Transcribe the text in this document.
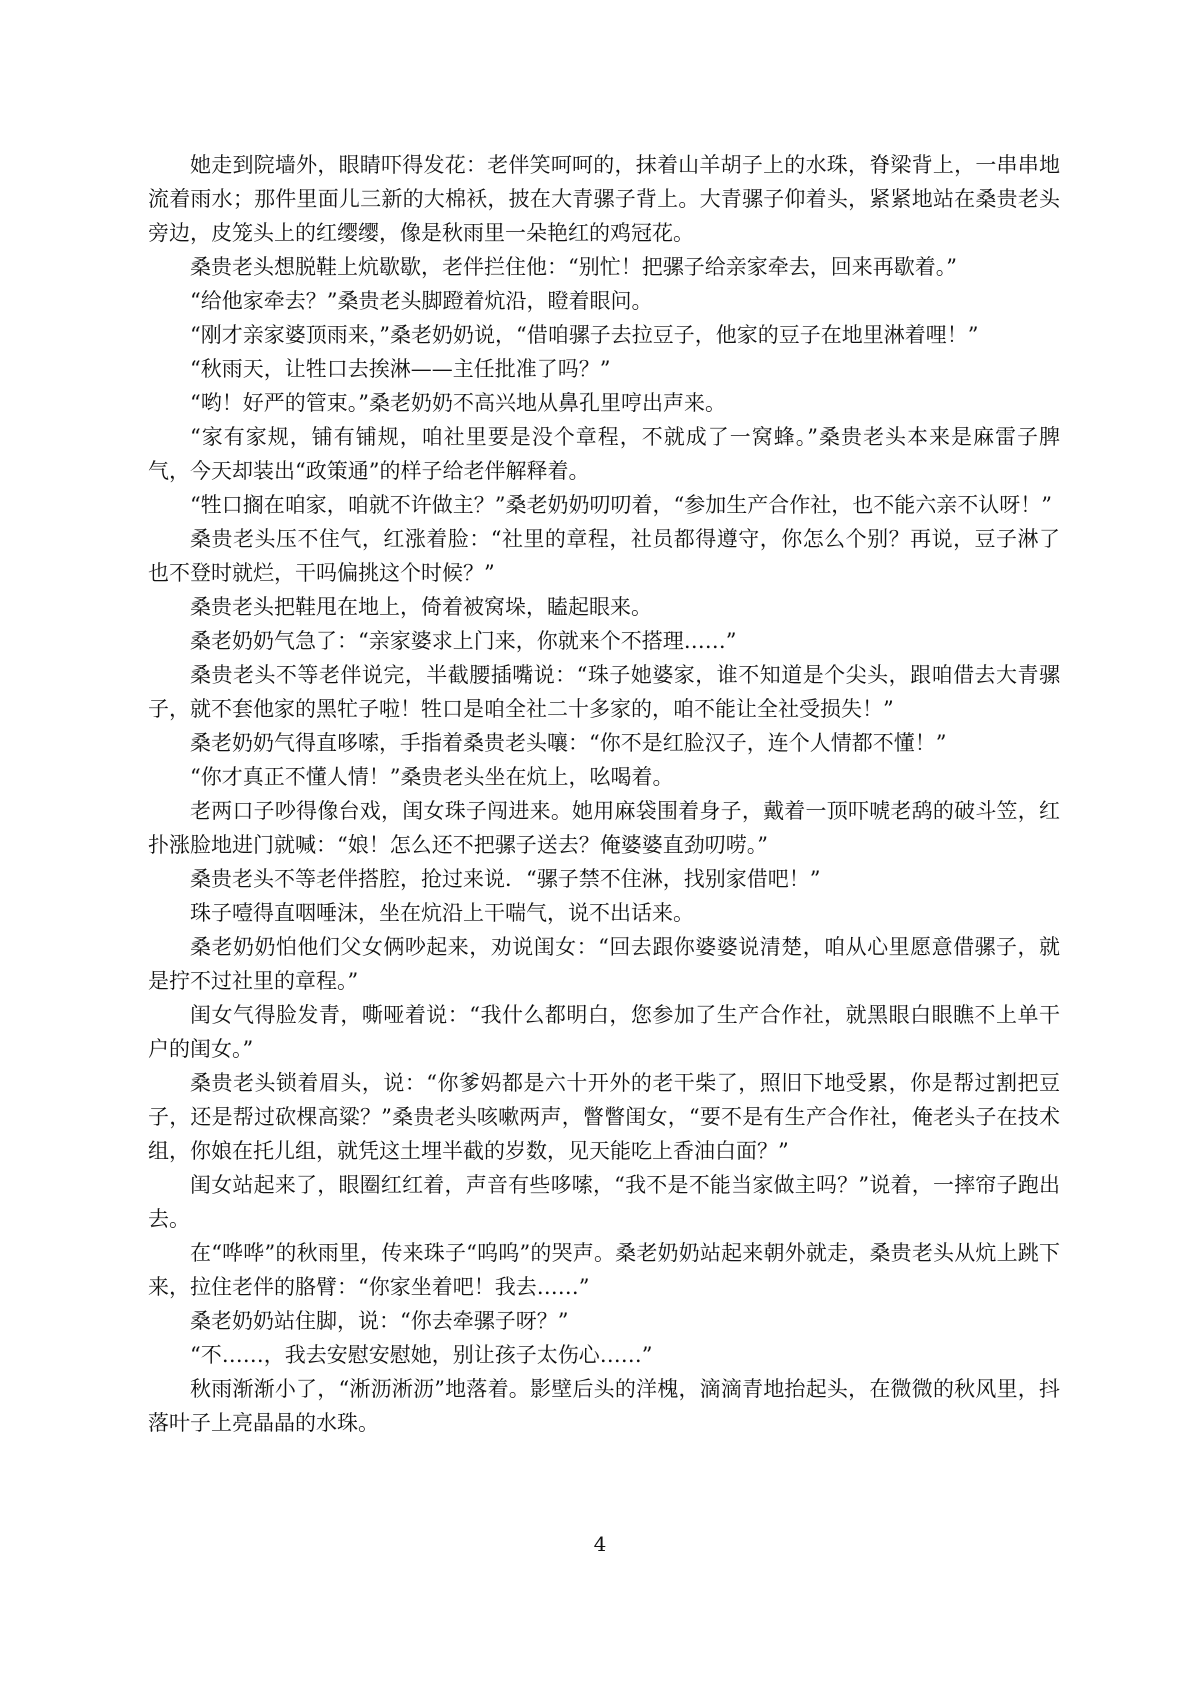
她走到院墙外，眼睛吓得发花：老伴笑呵呵的，抹着山羊胡子上的水珠，脊梁背上，一串串地流着雨水；那件里面儿三新的大棉袄，披在大青骡子背上。大青骡子仰着头，紧紧地站在桑贵老头旁边，皮笼头上的红缨缨，像是秋雨里一朵艳红的鸡冠花。

桑贵老头想脱鞋上炕歇歇，老伴拦住他：“别忙！把骡子给亲家牵去，回来再歇着。”

“给他家牵去？”桑贵老头脚蹬着炕沿，瞪着眼问。

“刚才亲家婆顶雨来，”桑老奶奶说，“借咱骡子去拉豆子，他家的豆子在地里淋着哩！”

“秋雨天，让牲口去挨淋——主任批准了吗？”

“哟！好严的管束。”桑老奶奶不高兴地从鼻孔里哼出声来。

“家有家规，铺有铺规，咱社里要是没个章程，不就成了一窝蜂。”桑贵老头本来是麻雷子脾气，今天却装出“政策通”的样子给老伴解释着。

“牲口搁在咱家，咱就不许做主？”桑老奶奶叨叨着，“参加生产合作社，也不能六亲不认呀！”

桑贵老头压不住气，红涨着脸：“社里的章程，社员都得遵守，你怎么个别？再说，豆子淋了也不登时就烂，干吗偏挑这个时候？”

桑贵老头把鞋甩在地上，倚着被窝垛，瞌起眼来。

桑老奶奶气急了：“亲家婆求上门来，你就来个不搭理……”

桑贵老头不等老伴说完，半截腰插嘴说：“珠子她婆家，谁不知道是个尖头，跟咱借去大青骡子，就不套他家的黑牤子啦！牲口是咱全社二十多家的，咱不能让全社受损失！”

桑老奶奶气得直哆嗦，手指着桑贵老头嚷：“你不是红脸汉子，连个人情都不懂！”

“你才真正不懂人情！”桑贵老头坐在炕上，吆喝着。

老两口子吵得像台戏，闺女珠子闯进来。她用麻袋围着身子，戴着一顶吓唬老鸹的破斗笠，红扑涨脸地进门就喊：“娘！怎么还不把骡子送去？俺婆婆直劲叨唠。”

桑贵老头不等老伴搭腔，抢过来说．“骡子禁不住淋，找别家借吧！”

珠子噎得直咽唾沫，坐在炕沿上干喘气，说不出话来。

桑老奶奶怕他们父女俩吵起来，劝说闺女：“回去跟你婆婆说清楚，咱从心里愿意借骡子，就是拧不过社里的章程。”

闺女气得脸发青，嘶哑着说：“我什么都明白，您参加了生产合作社，就黑眼白眼瞧不上单干户的闺女。”

桑贵老头锁着眉头，说：“你爹妈都是六十开外的老干柴了，照旧下地受累，你是帮过割把豆子，还是帮过砍棵高粱？”桑贵老头咳嗽两声，瞥瞥闺女，“要不是有生产合作社，俺老头子在技术组，你娘在托儿组，就凭这土埋半截的岁数，见天能吃上香油白面？”

闺女站起来了，眼圈红红着，声音有些哆嗦，“我不是不能当家做主吗？”说着，一摔帘子跑出去。

在“哗哗”的秋雨里，传来珠子“呜呜”的哭声。桑老奶奶站起来朝外就走，桑贵老头从炕上跳下来，拉住老伴的胳臂：“你家坐着吧！我去……”

桑老奶奶站住脚，说：“你去牵骡子呀？”

“不……，我去安慰安慰她，别让孩子太伤心……”

秋雨渐渐小了，“淅沥淅沥”地落着。影壁后头的洋槐，滴滴青地抬起头，在微微的秋风里，抖落叶子上亮晶晶的水珠。

4
